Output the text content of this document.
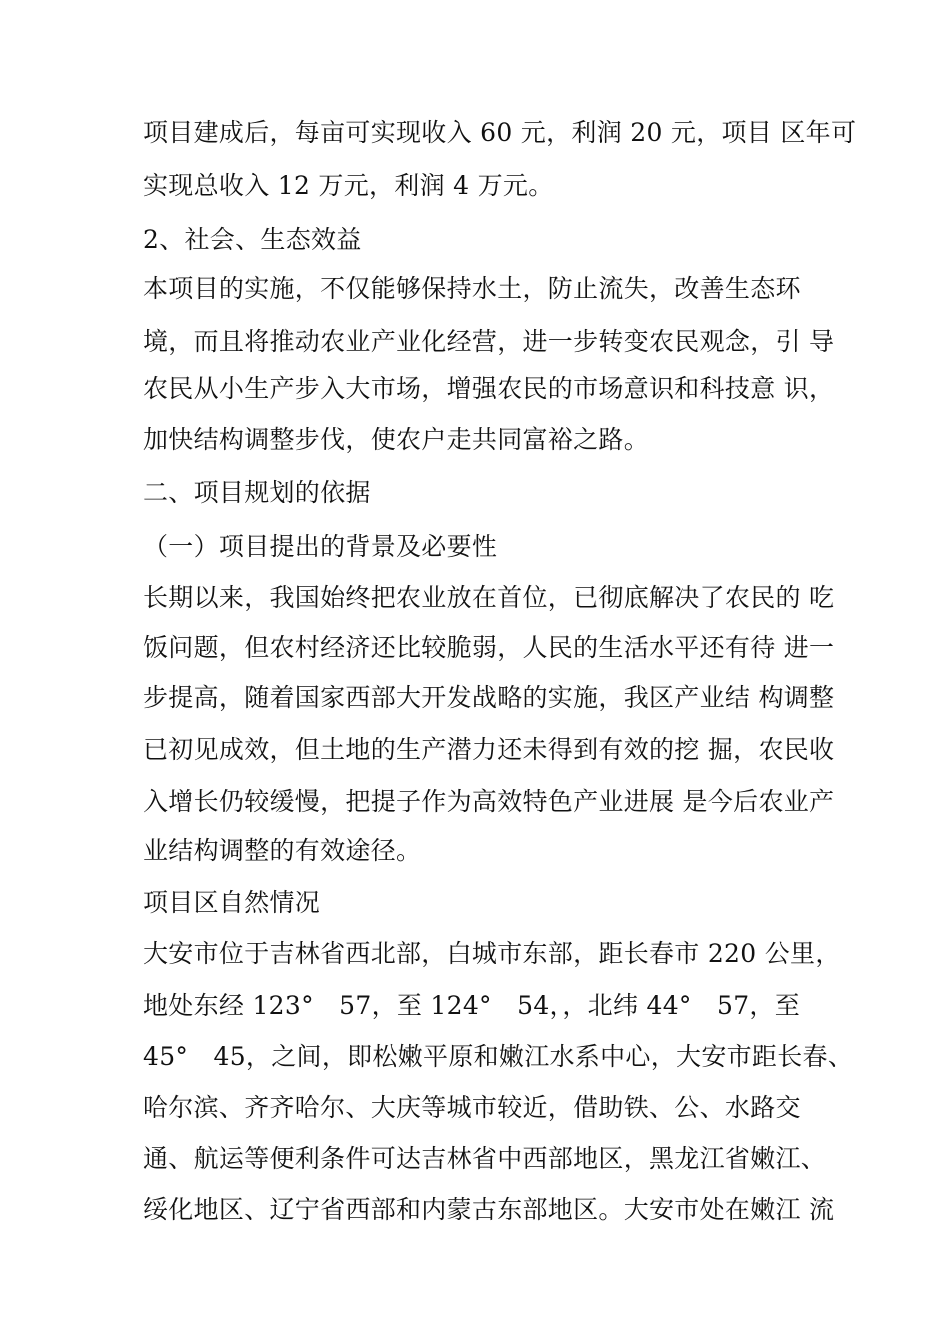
项目建成后，每亩可实现收入 60 元，利润 20 元，项目 区年可
实现总收入 12 万元，利润 4 万元。
2、社会、生态效益
本项目的实施，不仅能够保持水土，防止流失，改善生态环
境，而且将推动农业产业化经营，进一步转变农民观念，引 导
农民从小生产步入大市场，增强农民的市场意识和科技意 识，
加快结构调整步伐，使农户走共同富裕之路。
二、项目规划的依据
（一）项目提出的背景及必要性
长期以来，我国始终把农业放在首位，已彻底解决了农民的 吃
饭问题，但农村经济还比较脆弱，人民的生活水平还有待 进一
步提高，随着国家西部大开发战略的实施，我区产业结 构调整
已初见成效，但土地的生产潜力还未得到有效的挖 掘，农民收
入增长仍较缓慢，把提子作为高效特色产业进展 是今后农业产
业结构调整的有效途径。
项目区自然情况
大安市位于吉林省西北部，白城市东部，距长春市 220 公里，
地处东经 123°　57，至 124°　54，，北纬 44°　57，至
45°　45，之间，即松嫩平原和嫩江水系中心，大安市距长春、
哈尔滨、齐齐哈尔、大庆等城市较近，借助铁、公、水路交
通、航运等便利条件可达吉林省中西部地区，黑龙江省嫩江、
绥化地区、辽宁省西部和内蒙古东部地区。大安市处在嫩江 流
